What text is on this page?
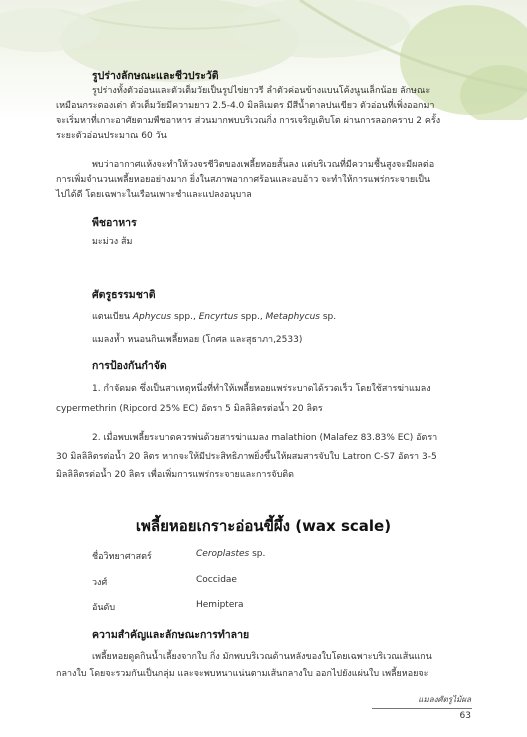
รูปร่างลักษณะและชีวประวัติ
รูปร่างทั้งตัวอ่อนและตัวเต็มวัยเป็นรูปไข่ยาวรี ลำตัวค่อนข้างแบนโค้งนูนเล็กน้อย ลักษณะ
เหมือนกระดองเต่า ตัวเต็มวัยมีความยาว 2.5-4.0 มิลลิเมตร มีสีน้ำตาลปนเขียว ตัวอ่อนที่เพิ่งออกมา
จะเริ่มหาที่เกาะอาศัยตามพืชอาหาร ส่วนมากพบบริเวณกิ่ง การเจริญเติบโต ผ่านการลอกคราบ 2 ครั้ง
ระยะตัวอ่อนประมาณ 60 วัน
พบว่าอากาศแห้งจะทำให้วงจรชีวิตของเพลี้ยหอยสั้นลง แต่บริเวณที่มีความชื้นสูงจะมีผลต่อ
การเพิ่มจำนวนเพลี้ยหอยอย่างมาก ยิ่งในสภาพอากาศร้อนและอบอ้าว จะทำให้การแพร่กระจายเป็น
ไปได้ดี โดยเฉพาะในเรือนเพาะชำและแปลงอนุบาล
พืชอาหาร
มะม่วง ส้ม
ศัตรูธรรมชาติ
แตนเบียน Aphycus spp., Encyrtus spp., Metaphycus sp.
แมลงห้ำ หนอนกินเพลี้ยหอย (โกศล และสุธาภา,2533)
การป้องกันกำจัด
1. กำจัดมด ซึ่งเป็นสาเหตุหนึ่งที่ทำให้เพลี้ยหอยแพร่ระบาดได้รวดเร็ว โดยใช้สารฆ่าแมลง
cypermethrin (Ripcord 25% EC) อัตรา 5 มิลลิลิตรต่อน้ำ 20 ลิตร
2. เมื่อพบเพลี้ยระบาดควรพ่นด้วยสารฆ่าแมลง malathion (Malafez 83.83% EC) อัตรา
30 มิลลิลิตรต่อน้ำ 20 ลิตร หากจะให้มีประสิทธิภาพยิ่งขึ้นให้ผสมสารจับใบ Latron C-S7 อัตรา 3-5
มิลลิลิตรต่อน้ำ 20 ลิตร เพื่อเพิ่มการแพร่กระจายและการจับติด
เพลี้ยหอยเกราะอ่อนขี้ผึ้ง (wax scale)
ชื่อวิทยาศาสตร์	Ceroplastes sp.
วงศ์	Coccidae
อันดับ	Hemiptera
ความสำคัญและลักษณะการทำลาย
เพลี้ยหอยดูดกินน้ำเลี้ยงจากใบ กิ่ง มักพบบริเวณด้านหลังของใบโดยเฉพาะบริเวณเส้นแกน
กลางใบ โดยจะรวมกันเป็นกลุ่ม และจะพบหนาแน่นตามเส้นกลางใบ ออกไปยังแผ่นใบ เพลี้ยหอยจะ
แมลงศัตรูไม้ผล
63
